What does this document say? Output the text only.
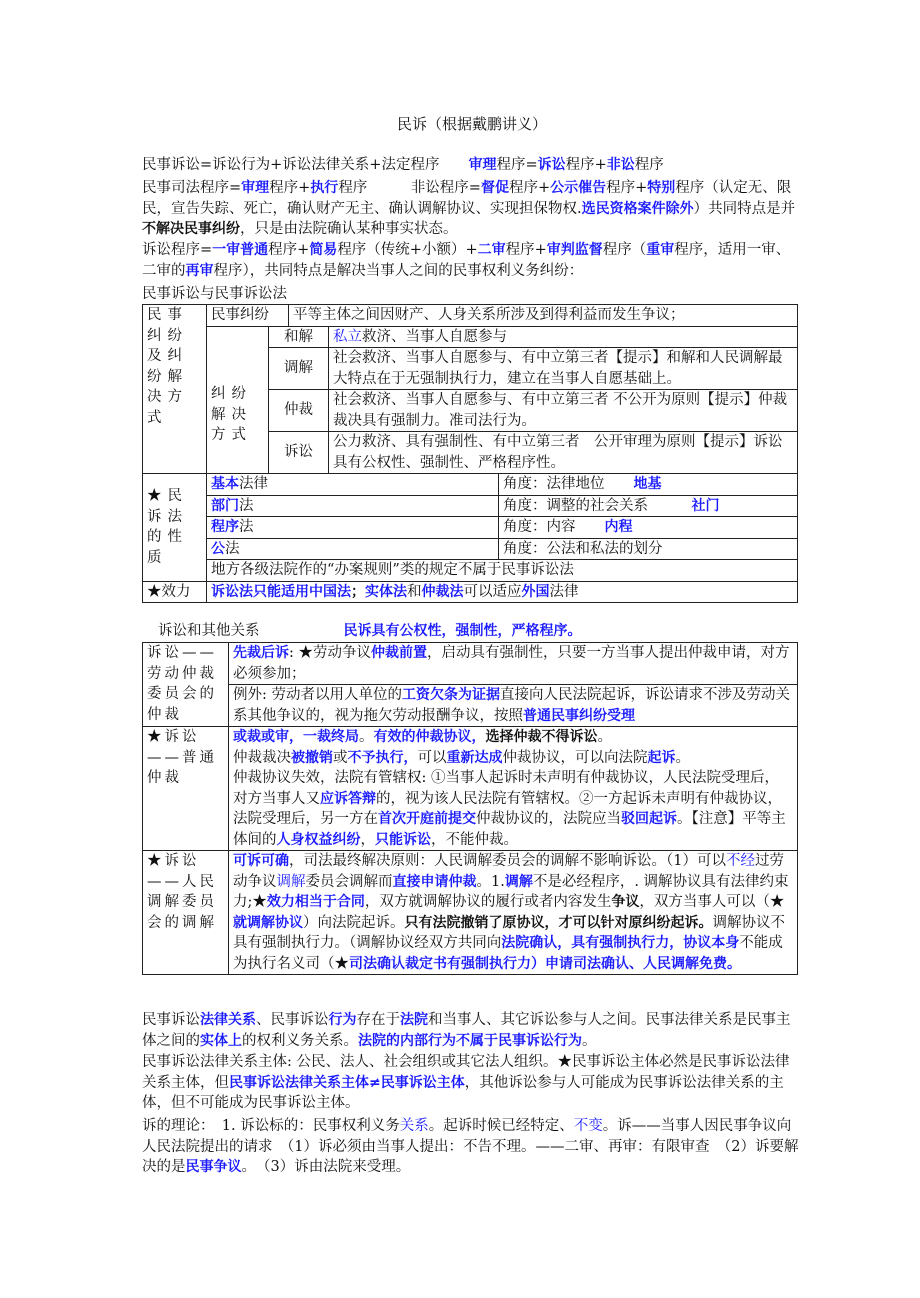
民诉（根据戴鹏讲义）
民事诉讼=诉讼行为+诉讼法律关系+法定程序　　审理程序=诉讼程序+非讼程序
民事司法程序=审理程序+执行程序　　　非讼程序=督促程序+公示催告程序+特别程序（认定无、限民，宣告失踪、死亡，确认财产无主、确认调解协议、实现担保物权.选民资格案件除外）共同特点是并不解决民事纠纷，只是由法院确认某种事实状态。
诉讼程序=一审普通程序+简易程序（传统+小额）+二审程序+审判监督程序（重审程序，适用一审、二审的再审程序），共同特点是解决当事人之间的民事权利义务纠纷：
民事诉讼与民事诉讼法
民事纠纷及纠纷解决方式	民事纠纷		平等主体之间因财产、人身关系所涉及到得利益而发生争议；		
	纠纷解决方式	和解		私立救济、当事人自愿参与	
		调解		社会救济、当事人自愿参与、有中立第三者【提示】和解和人民调解最大特点在于无强制执行力，建立在当事人自愿基础上。	
		仲裁		社会救济、当事人自愿参与、有中立第三者 不公开为原则【提示】仲裁裁决具有强制力。准司法行为。	
		诉讼		公力救济、具有强制性、有中立第三者　公开审理为原则【提示】诉讼具有公权性、强制性、严格程序性。	
★民诉法的性质	基本法律				角度：法律地位　　地基
	部门法				角度：调整的社会关系　　　社门
	程序法				角度：内容　　内程
	公法				角度：公法和私法的划分
	地方各级法院作的“办案规则”类的规定不属于民事诉讼法				
★效力	诉讼法只能适用中国法；实体法和仲裁法可以适应外国法律				
诉讼和其他关系	民诉具有公权性，强制性，严格程序。
诉讼——劳动仲裁委员会的仲裁	先裁后诉: ★劳动争议仲裁前置，启动具有强制性，只要一方当事人提出仲裁申请，对方必须参加；
	例外: 劳动者以用人单位的工资欠条为证据直接向人民法院起诉，诉讼请求不涉及劳动关系其他争议的，视为拖欠劳动报酬争议，按照普通民事纠纷受理
★诉讼——普通仲裁	或裁或审，一裁终局。有效的仲裁协议，选择仲裁不得诉讼。
仲裁裁决被撤销或不予执行，可以重新达成仲裁协议，可以向法院起诉。
仲裁协议失效，法院有管辖权: ①当事人起诉时未声明有仲裁协议，人民法院受理后，对方当事人又应诉答辩的，视为该人民法院有管辖权。②一方起诉未声明有仲裁协议，法院受理后，另一方在首次开庭前提交仲裁协议的，法院应当驳回起诉。【注意】平等主体间的人身权益纠纷，只能诉讼，不能仲裁。
★诉讼——人民调解委员会的调解	可诉可确，司法最终解决原则：人民调解委员会的调解不影响诉讼。（1）可以不经过劳动争议调解委员会调解而直接申请仲裁。1.调解不是必经程序，. 调解协议具有法律约束力;★效力相当于合同，双方就调解协议的履行或者内容发生争议，双方当事人可以（★就调解协议）向法院起诉。只有法院撤销了原协议，才可以针对原纠纷起诉。调解协议不具有强制执行力。（调解协议经双方共同向法院确认，具有强制执行力，协议本身不能成为执行名义司（★司法确认裁定书有强制执行力）申请司法确认、人民调解免费。
民事诉讼法律关系、民事诉讼行为存在于法院和当事人、其它诉讼参与人之间。民事法律关系是民事主体之间的实体上的权利义务关系。法院的内部行为不属于民事诉讼行为。
民事诉讼法律关系主体: 公民、法人、社会组织或其它法人组织。★民事诉讼主体必然是民事诉讼法律关系主体，但民事诉讼法律关系主体≠民事诉讼主体，其他诉讼参与人可能成为民事诉讼法律关系的主体，但不可能成为民事诉讼主体。
诉的理论：　1. 诉讼标的：民事权利义务关系。起诉时候已经特定、不变。诉——当事人因民事争议向人民法院提出的请求　（1）诉必须由当事人提出：不告不理。——二审、再审：有限审查　（2）诉要解决的是民事争议。　（3）诉由法院来受理。
